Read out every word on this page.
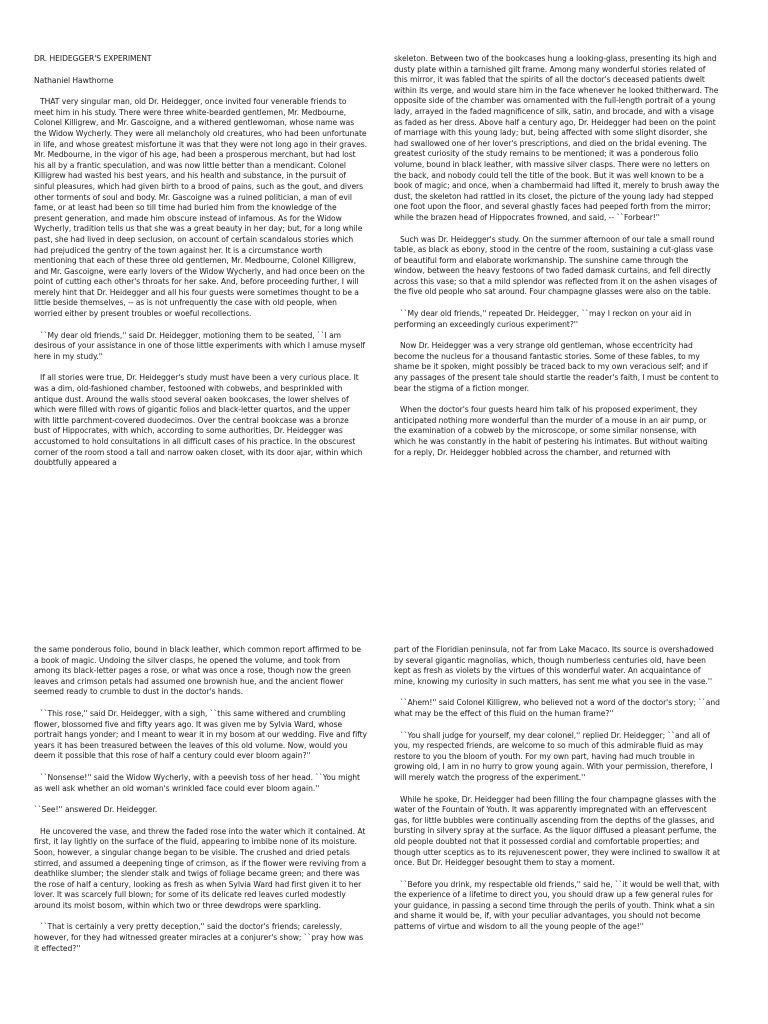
DR. HEIDEGGER'S EXPERIMENT

Nathaniel Hawthorne

THAT very singular man, old Dr. Heidegger, once invited four venerable friends to meet him in his study. There were three white-bearded gentlemen, Mr. Medbourne, Colonel Killigrew, and Mr. Gascoigne, and a withered gentlewoman, whose name was the Widow Wycherly. They were all melancholy old creatures, who had been unfortunate in life, and whose greatest misfortune it was that they were not long ago in their graves. Mr. Medbourne, in the vigor of his age, had been a prosperous merchant, but had lost his all by a frantic speculation, and was now little better than a mendicant. Colonel Killigrew had wasted his best years, and his health and substance, in the pursuit of sinful pleasures, which had given birth to a brood of pains, such as the gout, and divers other torments of soul and body. Mr. Gascoigne was a ruined politician, a man of evil fame, or at least had been so till time had buried him from the knowledge of the present generation, and made him obscure instead of infamous. As for the Widow Wycherly, tradition tells us that she was a great beauty in her day; but, for a long while past, she had lived in deep seclusion, on account of certain scandalous stories which had prejudiced the gentry of the town against her. It is a circumstance worth mentioning that each of these three old gentlemen, Mr. Medbourne, Colonel Killigrew, and Mr. Gascoigne, were early lovers of the Widow Wycherly, and had once been on the point of cutting each other's throats for her sake. And, before proceeding further, I will merely hint that Dr. Heidegger and all his four guests were sometimes thought to be a little beside themselves, -- as is not unfrequently the case with old people, when worried either by present troubles or woeful recollections.

``My dear old friends,'' said Dr. Heidegger, motioning them to be seated, ``I am desirous of your assistance in one of those little experiments with which I amuse myself here in my study.''

If all stories were true, Dr. Heidegger's study must have been a very curious place. It was a dim, old-fashioned chamber, festooned with cobwebs, and besprinkled with antique dust. Around the walls stood several oaken bookcases, the lower shelves of which were filled with rows of gigantic folios and black-letter quartos, and the upper with little parchment-covered duodecimos. Over the central bookcase was a bronze bust of Hippocrates, with which, according to some authorities, Dr. Heidegger was accustomed to hold consultations in all difficult cases of his practice. In the obscurest corner of the room stood a tall and narrow oaken closet, with its door ajar, within which doubtfully appeared a

skeleton. Between two of the bookcases hung a looking-glass, presenting its high and dusty plate within a tarnished gilt frame. Among many wonderful stories related of this mirror, it was fabled that the spirits of all the doctor's deceased patients dwelt within its verge, and would stare him in the face whenever he looked thitherward. The opposite side of the chamber was ornamented with the full-length portrait of a young lady, arrayed in the faded magnificence of silk, satin, and brocade, and with a visage as faded as her dress. Above half a century ago, Dr. Heidegger had been on the point of marriage with this young lady; but, being affected with some slight disorder, she had swallowed one of her lover's prescriptions, and died on the bridal evening. The greatest curiosity of the study remains to be mentioned; it was a ponderous folio volume, bound in black leather, with massive silver clasps. There were no letters on the back, and nobody could tell the title of the book. But it was well known to be a book of magic; and once, when a chambermaid had lifted it, merely to brush away the dust, the skeleton had rattled in its closet, the picture of the young lady had stepped one foot upon the floor, and several ghastly faces had peeped forth from the mirror; while the brazen head of Hippocrates frowned, and said, -- ``Forbear!''

Such was Dr. Heidegger's study. On the summer afternoon of our tale a small round table, as black as ebony, stood in the centre of the room, sustaining a cut-glass vase of beautiful form and elaborate workmanship. The sunshine came through the window, between the heavy festoons of two faded damask curtains, and fell directly across this vase; so that a mild splendor was reflected from it on the ashen visages of the five old people who sat around. Four champagne glasses were also on the table.

``My dear old friends,'' repeated Dr. Heidegger, ``may I reckon on your aid in performing an exceedingly curious experiment?''

Now Dr. Heidegger was a very strange old gentleman, whose eccentricity had become the nucleus for a thousand fantastic stories. Some of these fables, to my shame be it spoken, might possibly be traced back to my own veracious self; and if any passages of the present tale should startle the reader's faith, I must be content to bear the stigma of a fiction monger.

When the doctor's four guests heard him talk of his proposed experiment, they anticipated nothing more wonderful than the murder of a mouse in an air pump, or the examination of a cobweb by the microscope, or some similar nonsense, with which he was constantly in the habit of pestering his intimates. But without waiting for a reply, Dr. Heidegger hobbled across the chamber, and returned with

the same ponderous folio, bound in black leather, which common report affirmed to be a book of magic. Undoing the silver clasps, he opened the volume, and took from among its black-letter pages a rose, or what was once a rose, though now the green leaves and crimson petals had assumed one brownish hue, and the ancient flower seemed ready to crumble to dust in the doctor's hands.

``This rose,'' said Dr. Heidegger, with a sigh, ``this same withered and crumbling flower, blossomed five and fifty years ago. It was given me by Sylvia Ward, whose portrait hangs yonder; and I meant to wear it in my bosom at our wedding. Five and fifty years it has been treasured between the leaves of this old volume. Now, would you deem it possible that this rose of half a century could ever bloom again?''

``Nonsense!'' said the Widow Wycherly, with a peevish toss of her head. ``You might as well ask whether an old woman's wrinkled face could ever bloom again.''

``See!'' answered Dr. Heidegger.

He uncovered the vase, and threw the faded rose into the water which it contained. At first, it lay lightly on the surface of the fluid, appearing to imbibe none of its moisture. Soon, however, a singular change began to be visible. The crushed and dried petals stirred, and assumed a deepening tinge of crimson, as if the flower were reviving from a deathlike slumber; the slender stalk and twigs of foliage became green; and there was the rose of half a century, looking as fresh as when Sylvia Ward had first given it to her lover. It was scarcely full blown; for some of its delicate red leaves curled modestly around its moist bosom, within which two or three dewdrops were sparkling.

``That is certainly a very pretty deception,'' said the doctor's friends; carelessly, however, for they had witnessed greater miracles at a conjurer's show; ``pray how was it effected?''

part of the Floridian peninsula, not far from Lake Macaco. Its source is overshadowed by several gigantic magnolias, which, though numberless centuries old, have been kept as fresh as violets by the virtues of this wonderful water. An acquaintance of mine, knowing my curiosity in such matters, has sent me what you see in the vase.''

``Ahem!'' said Colonel Killigrew, who believed not a word of the doctor's story; ``and what may be the effect of this fluid on the human frame?''

``You shall judge for yourself, my dear colonel,'' replied Dr. Heidegger; ``and all of you, my respected friends, are welcome to so much of this admirable fluid as may restore to you the bloom of youth. For my own part, having had much trouble in growing old, I am in no hurry to grow young again. With your permission, therefore, I will merely watch the progress of the experiment.''

While he spoke, Dr. Heidegger had been filling the four champagne glasses with the water of the Fountain of Youth. It was apparently impregnated with an effervescent gas, for little bubbles were continually ascending from the depths of the glasses, and bursting in silvery spray at the surface. As the liquor diffused a pleasant perfume, the old people doubted not that it possessed cordial and comfortable properties; and though utter sceptics as to its rejuvenescent power, they were inclined to swallow it at once. But Dr. Heidegger besought them to stay a moment.

``Before you drink, my respectable old friends,'' said he, ``it would be well that, with the experience of a lifetime to direct you, you should draw up a few general rules for your guidance, in passing a second time through the perils of youth. Think what a sin and shame it would be, if, with your peculiar advantages, you should not become patterns of virtue and wisdom to all the young people of the age!''
